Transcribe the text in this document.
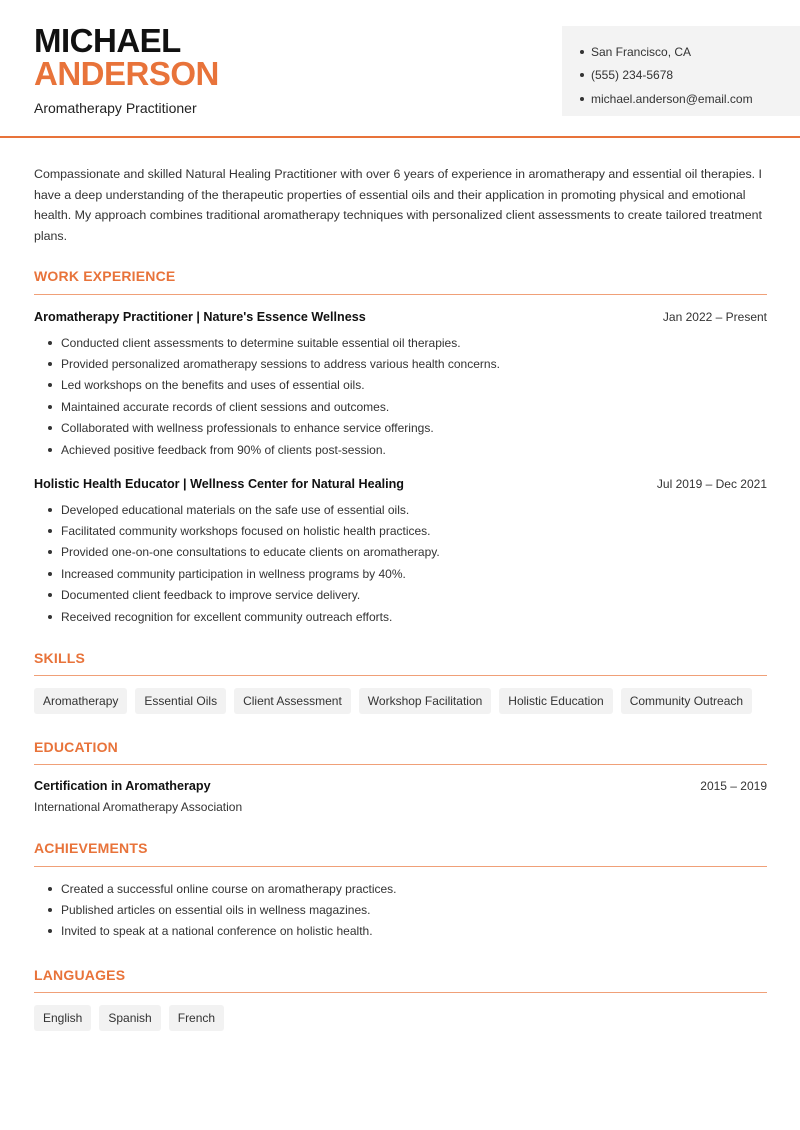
MICHAEL
ANDERSON
Aromatherapy Practitioner
San Francisco, CA
(555) 234-5678
michael.anderson@email.com

Compassionate and skilled Natural Healing Practitioner with over 6 years of experience in aromatherapy and essential oil therapies. I have a deep understanding of the therapeutic properties of essential oils and their application in promoting physical and emotional health. My approach combines traditional aromatherapy techniques with personalized client assessments to create tailored treatment plans.

WORK EXPERIENCE
Aromatherapy Practitioner | Nature's Essence Wellness	Jan 2022 – Present
Conducted client assessments to determine suitable essential oil therapies.
Provided personalized aromatherapy sessions to address various health concerns.
Led workshops on the benefits and uses of essential oils.
Maintained accurate records of client sessions and outcomes.
Collaborated with wellness professionals to enhance service offerings.
Achieved positive feedback from 90% of clients post-session.
Holistic Health Educator | Wellness Center for Natural Healing	Jul 2019 – Dec 2021
Developed educational materials on the safe use of essential oils.
Facilitated community workshops focused on holistic health practices.
Provided one-on-one consultations to educate clients on aromatherapy.
Increased community participation in wellness programs by 40%.
Documented client feedback to improve service delivery.
Received recognition for excellent community outreach efforts.
SKILLS
Aromatherapy	Essential Oils	Client Assessment	Workshop Facilitation	Holistic Education	Community Outreach
EDUCATION
Certification in Aromatherapy	2015 – 2019
International Aromatherapy Association
ACHIEVEMENTS
Created a successful online course on aromatherapy practices.
Published articles on essential oils in wellness magazines.
Invited to speak at a national conference on holistic health.
LANGUAGES
English	Spanish	French
